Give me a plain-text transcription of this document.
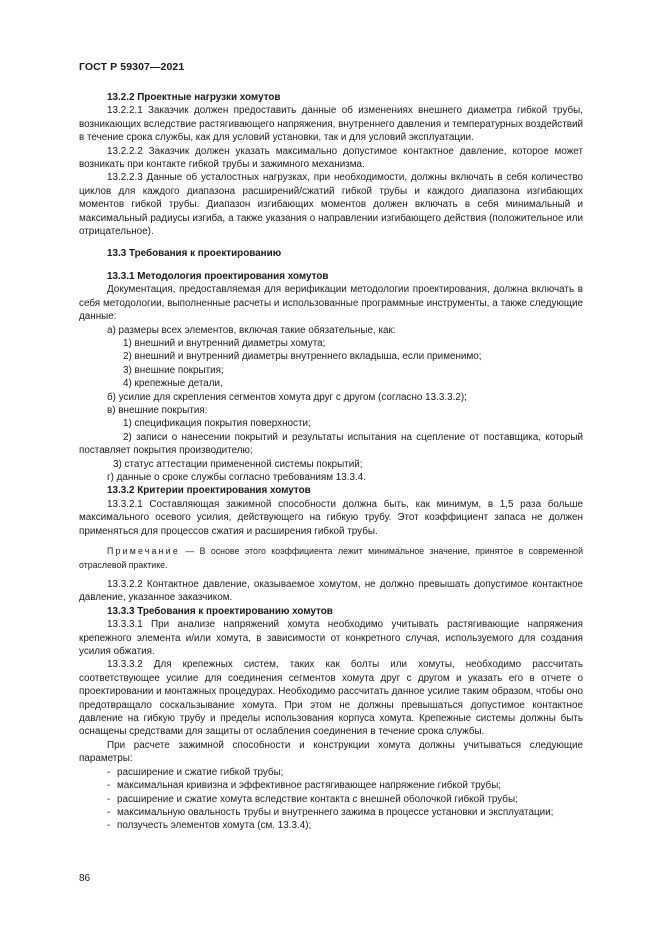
ГОСТ Р 59307—2021

13.2.2 Проектные нагрузки хомутов

13.2.2.1 Заказчик должен предоставить данные об изменениях внешнего диаметра гибкой трубы, возникающих вследствие растягивающего напряжения, внутреннего давления и температурных воздействий в течение срока службы, как для условий установки, так и для условий эксплуатации.

13.2.2.2 Заказчик должен указать максимально допустимое контактное давление, которое может возникать при контакте гибкой трубы и зажимного механизма.

13.2.2.3 Данные об усталостных нагрузках, при необходимости, должны включать в себя количество циклов для каждого диапазона расширений/сжатий гибкой трубы и каждого диапазона изгибающих моментов гибкой трубы. Диапазон изгибающих моментов должен включать в себя минимальный и максимальный радиусы изгиба, а также указания о направлении изгибающего действия (положительное или отрицательное).

13.3 Требования к проектированию

13.3.1 Методология проектирования хомутов

Документация, предоставляемая для верификации методологии проектирования, должна включать в себя методологии, выполненные расчеты и использованные программные инструменты, а также следующие данные:

а) размеры всех элементов, включая такие обязательные, как:

1) внешний и внутренний диаметры хомута;

2) внешний и внутренний диаметры внутреннего вкладыша, если применимо;

3) внешние покрытия;

4) крепежные детали,

б) усилие для скрепления сегментов хомута друг с другом (согласно 13.3.3.2);

в) внешние покрытия:

1) спецификация покрытия поверхности;

2) записи о нанесении покрытий и результаты испытания на сцепление от поставщика, который поставляет покрытия производителю;

3) статус аттестации примененной системы покрытий;

г) данные о сроке службы согласно требованиям 13.3.4.

13.3.2 Критерии проектирования хомутов

13.3.2.1 Составляющая зажимной способности должна быть, как минимум, в 1,5 раза больше максимального осевого усилия, действующего на гибкую трубу. Этот коэффициент запаса не должен применяться для процессов сжатия и расширения гибкой трубы.

Примечание — В основе этого коэффициента лежит минимальное значение, принятое в современной отраслевой практике.

13.3.2.2 Контактное давление, оказываемое хомутом, не должно превышать допустимое контактное давление, указанное заказчиком.

13.3.3 Требования к проектированию хомутов

13.3.3.1 При анализе напряжений хомута необходимо учитывать растягивающие напряжения крепежного элемента и/или хомута, в зависимости от конкретного случая, используемого для создания усилия обжатия.

13.3.3.2 Для крепежных систем, таких как болты или хомуты, необходимо рассчитать соответствующее усилие для соединения сегментов хомута друг с другом и указать его в отчете о проектировании и монтажных процедурах. Необходимо рассчитать данное усилие таким образом, чтобы оно предотвращало соскальзывание хомута. При этом не должны превышаться допустимое контактное давление на гибкую трубу и пределы использования корпуса хомута. Крепежные системы должны быть оснащены средствами для защиты от ослабления соединения в течение срока службы.

При расчете зажимной способности и конструкции хомута должны учитываться следующие параметры:

- расширение и сжатие гибкой трубы;

- максимальная кривизна и эффективное растягивающее напряжение гибкой трубы;

- расширение и сжатие хомута вследствие контакта с внешней оболочкой гибкой трубы;

- максимальную овальность трубы и внутреннего зажима в процессе установки и эксплуатации;

- ползучесть элементов хомута (см. 13.3.4);

86
